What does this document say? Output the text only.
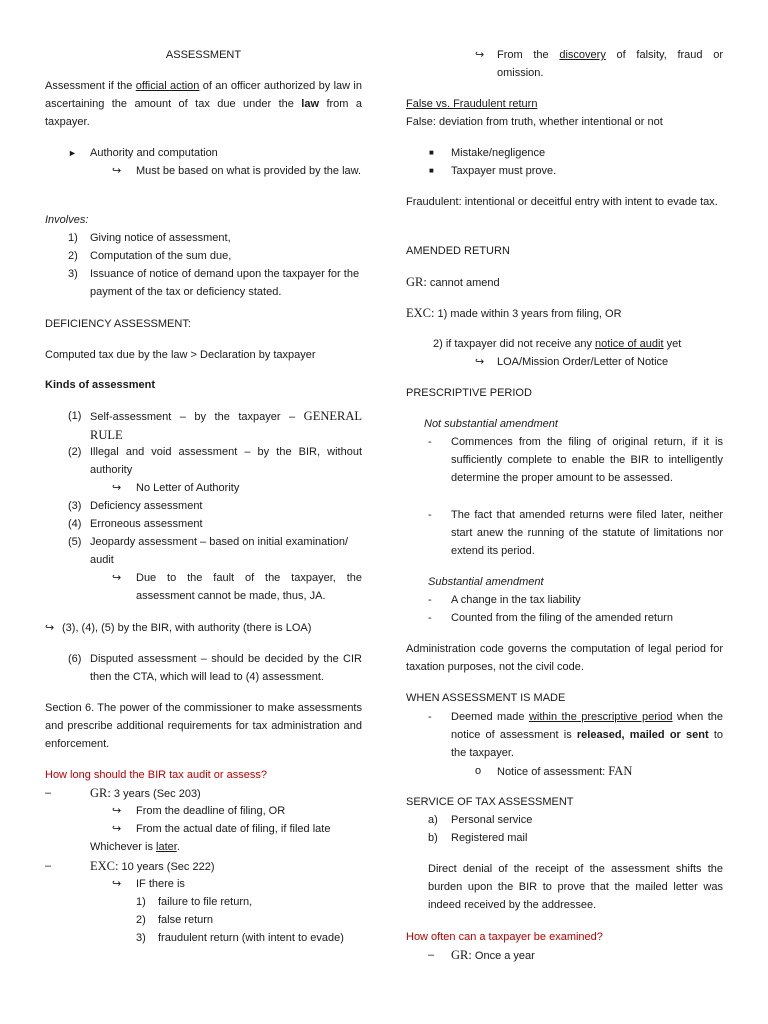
ASSESSMENT

Assessment if the official action of an officer authorized by law in ascertaining the amount of tax due under the law from a taxpayer.

► Authority and computation
↪
Must be based on what is provided by the law.
Involves:
1) Giving notice of assessment,
2) Computation of the sum due,
3) Issuance of notice of demand upon the taxpayer for the payment of the tax or deficiency stated.
DEFICIENCY ASSESSMENT:
Computed tax due by the law > Declaration by taxpayer
Kinds of assessment
(1) Self-assessment – by the taxpayer – GENERAL RULE
(2) Illegal and void assessment – by the BIR, without authority
↪
No Letter of Authority
(3) Deficiency assessment
(4) Erroneous assessment
(5) Jeopardy assessment – based on initial examination/ audit
↪
Due to the fault of the taxpayer, the assessment cannot be made, thus, JA.
↪
(3), (4), (5) by the BIR, with authority (there is LOA)
(6) Disputed assessment – should be decided by the CIR then the CTA, which will lead to (4) assessment.

Section 6. The power of the commissioner to make assessments and prescribe additional requirements for tax administration and enforcement.

How long should the BIR tax audit or assess?
–	GR: 3 years (Sec 203)
↪
From the deadline of filing, OR
↪
From the actual date of filing, if filed late
Whichever is later.
–	EXC: 10 years (Sec 222)
↪
IF there is
1) failure to file return,
2) false return
3) fraudulent return (with intent to evade)
↪
From the discovery of falsity, fraud or omission.
False vs. Fraudulent return
False: deviation from truth, whether intentional or not
■ Mistake/negligence
■ Taxpayer must prove.

Fraudulent: intentional or deceitful entry with intent to evade tax.

AMENDED RETURN
GR: cannot amend
EXC: 1) made within 3 years from filing, OR
2) if taxpayer did not receive any notice of audit yet
↪
LOA/Mission Order/Letter of Notice
PRESCRIPTIVE PERIOD
Not substantial amendment
- Commences from the filing of original return, if it is sufficiently complete to enable the BIR to intelligently determine the proper amount to be assessed.
- The fact that amended returns were filed later, neither start anew the running of the statute of limitations nor extend its period.
Substantial amendment
- A change in the tax liability
- Counted from the filing of the amended return

Administration code governs the computation of legal period for taxation purposes, not the civil code.

WHEN ASSESSMENT IS MADE
- Deemed made within the prescriptive period when the notice of assessment is released, mailed or sent to the taxpayer.
o Notice of assessment: FAN
SERVICE OF TAX ASSESSMENT
a) Personal service
b) Registered mail

Direct denial of the receipt of the assessment shifts the burden upon the BIR to prove that the mailed letter was indeed received by the addressee.

How often can a taxpayer be examined?
– GR: Once a year
